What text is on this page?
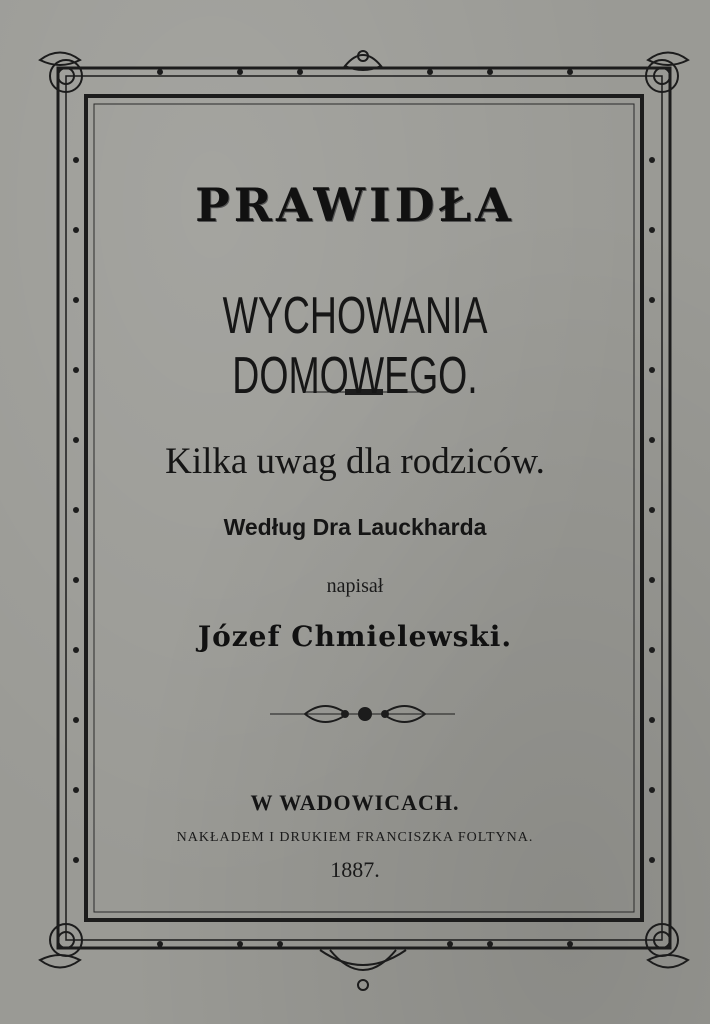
PRAWIDŁA
WYCHOWANIA DOMOWEGO.
Kilka uwag dla rodziców.
Według Dra Lauckharda
napisał
Józef Chmielewski.
W WADOWICACH.
NAKŁADEM I DRUKIEM FRANCISZKA FOLTYNA.
1887.
